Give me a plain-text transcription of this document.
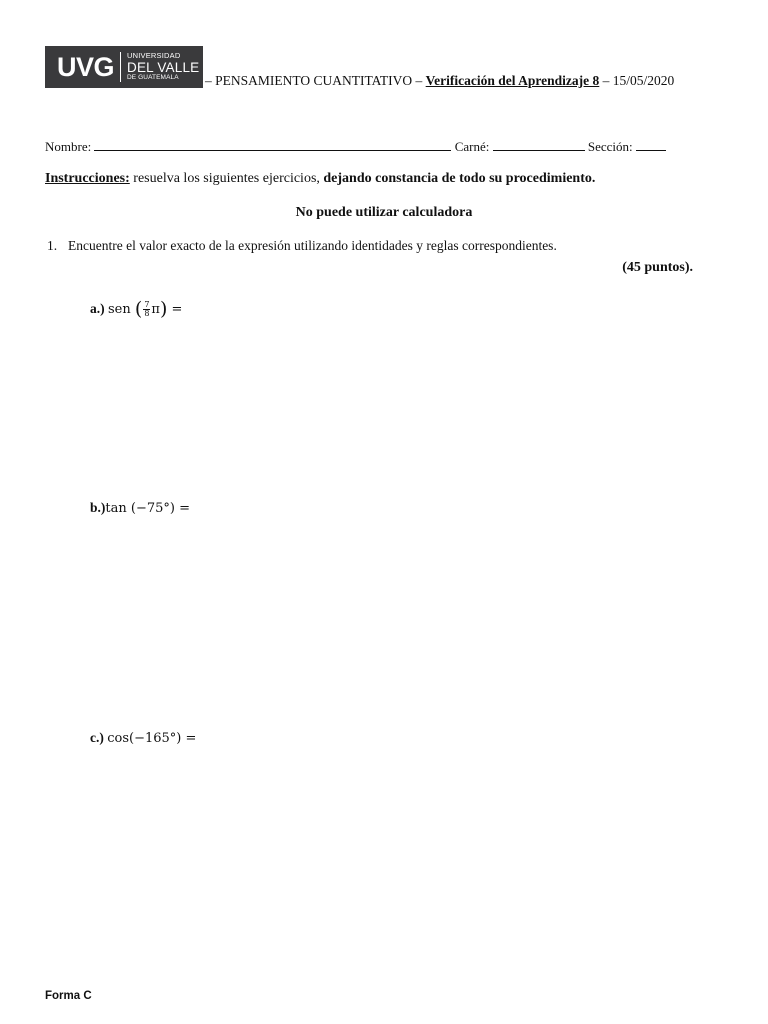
UVG UNIVERSIDAD
DEL VALLE
DE GUATEMALA	– PENSAMIENTO CUANTITATIVO – Verificación del Aprendizaje 8 – 15/05/2020
Nombre:	Carné:	Sección:
Instrucciones: resuelva los siguientes ejercicios, dejando constancia de todo su procedimiento.
No puede utilizar calculadora
1. Encuentre el valor exacto de la expresión utilizando identidades y reglas correspondientes.
(45 puntos).
a.) sen ( $\frac{7}{8} \pi$) =
b.)tan (−75°) =
c.) cos(−165°) =
Forma C
